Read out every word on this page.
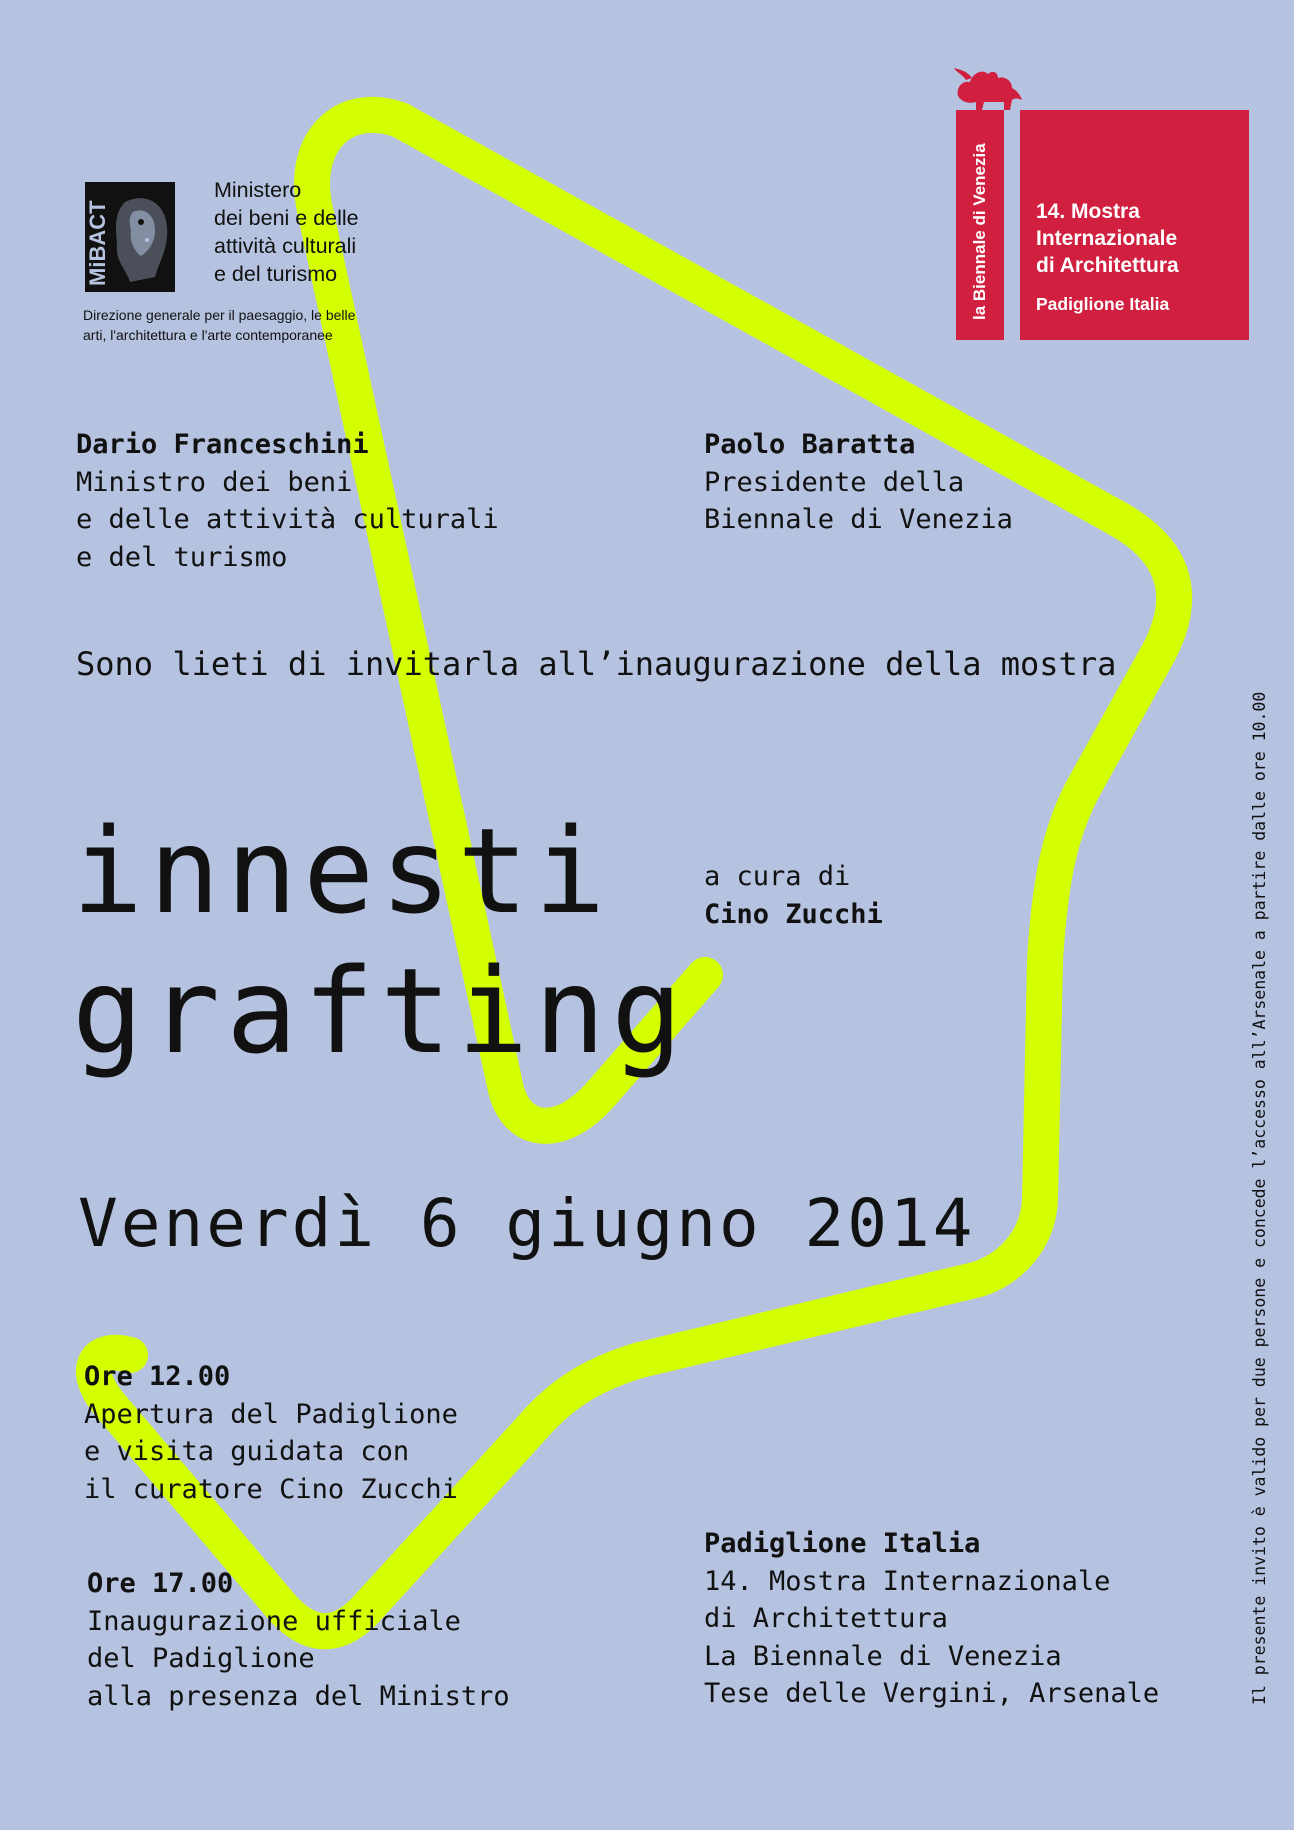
MiBACT
Ministero
dei beni e delle
attività culturali
e del turismo
Direzione generale per il paesaggio, le belle
arti, l'architettura e l'arte contemporanee
la Biennale di Venezia	14. Mostra
Internazionale
di Architettura
Padiglione Italia
Dario Franceschini
Ministro dei beni
e delle attività culturali
e del turismo
Paolo Baratta
Presidente della
Biennale di Venezia
Sono lieti di invitarla all’inaugurazione della mostra
innesti
grafting
a cura di
Cino Zucchi
Venerdì 6 giugno 2014
Ore 12.00
Apertura del Padiglione
e visita guidata con
il curatore Cino Zucchi
Ore 17.00
Inaugurazione ufficiale
del Padiglione
alla presenza del Ministro
Padiglione Italia
14. Mostra Internazionale
di Architettura
La Biennale di Venezia
Tese delle Vergini, Arsenale	Il presente invito è valido per due persone e concede l’accesso all’Arsenale a partire dalle ore 10.00
